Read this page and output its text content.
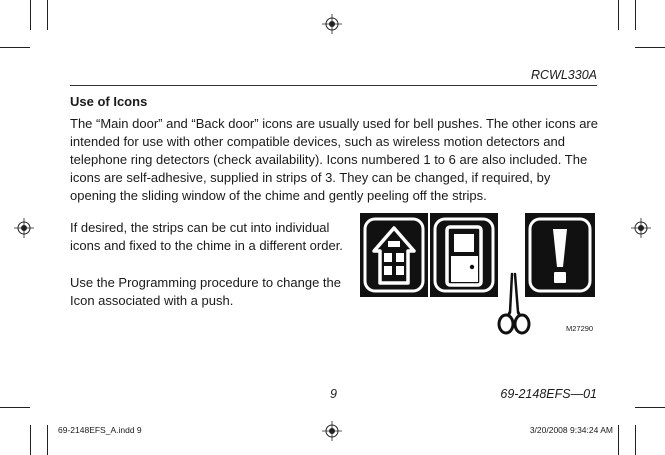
RCWL330A
Use of Icons
The “Main door” and “Back door” icons are usually used for bell pushes. The other icons are intended for use with other compatible devices, such as wireless motion detectors and telephone ring detectors (check availability). Icons numbered 1 to 6 are also included. The icons are self-adhesive, supplied in strips of 3. They can be changed, if required, by opening the sliding window of the chime and gently peeling off the strips.
If desired, the strips can be cut into individual icons and fixed to the chime in a different order.
Use the Programming procedure to change the Icon associated with a push.
M27290
9	69-2148EFS—01
69-2148EFS_A.indd 9	3/20/2008 9:34:24 AM
